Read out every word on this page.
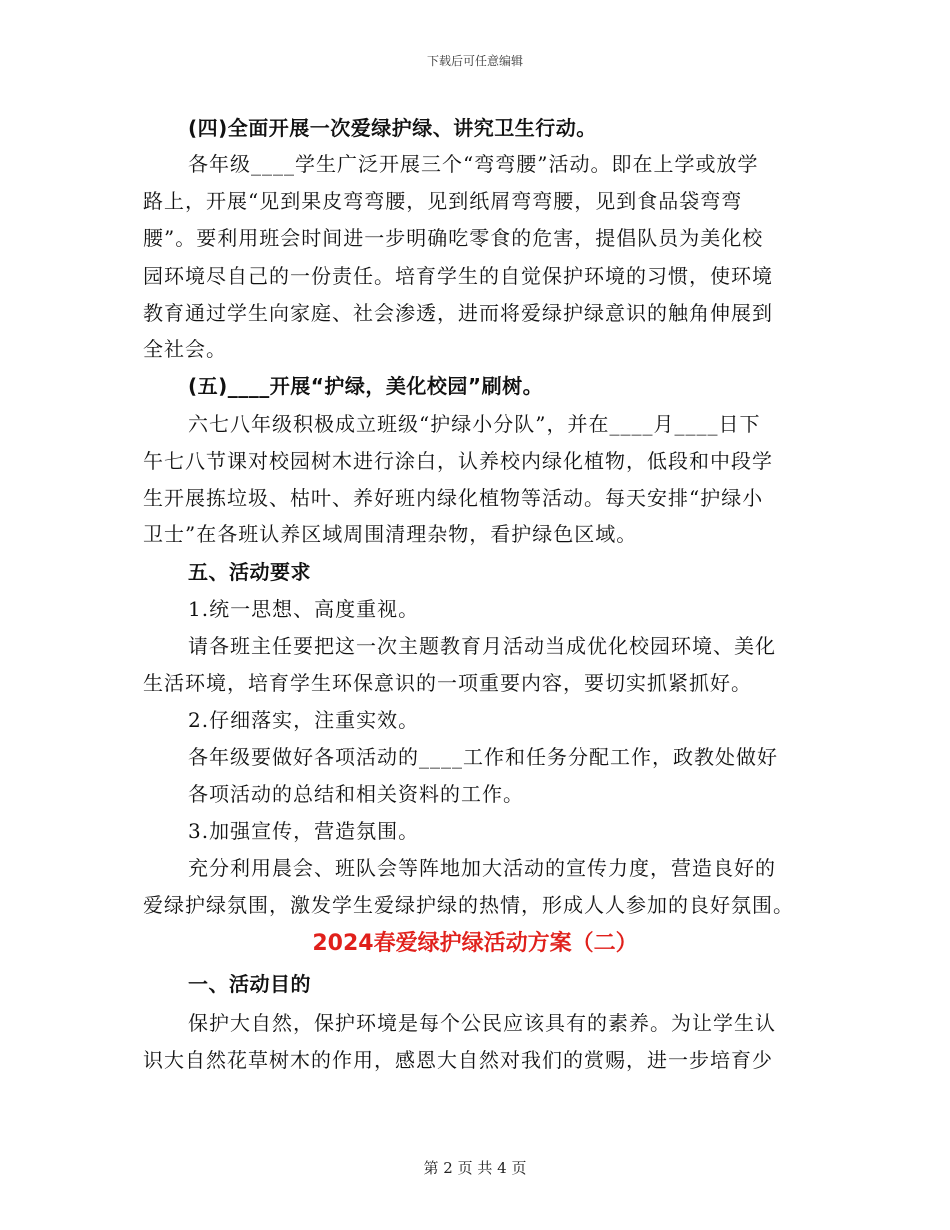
下载后可任意编辑
(四)全面开展一次爱绿护绿、讲究卫生行动。
各年级____学生广泛开展三个“弯弯腰”活动。即在上学或放学
路上，开展“见到果皮弯弯腰，见到纸屑弯弯腰，见到食品袋弯弯
腰”。要利用班会时间进一步明确吃零食的危害，提倡队员为美化校
园环境尽自己的一份责任。培育学生的自觉保护环境的习惯，使环境
教育通过学生向家庭、社会渗透，进而将爱绿护绿意识的触角伸展到
全社会。
(五)____开展“护绿，美化校园”刷树。
六七八年级积极成立班级“护绿小分队”，并在____月____日下
午七八节课对校园树木进行涂白，认养校内绿化植物，低段和中段学
生开展拣垃圾、枯叶、养好班内绿化植物等活动。每天安排“护绿小
卫士”在各班认养区域周围清理杂物，看护绿色区域。
五、活动要求
1.统一思想、高度重视。
请各班主任要把这一次主题教育月活动当成优化校园环境、美化
生活环境，培育学生环保意识的一项重要内容，要切实抓紧抓好。
2.仔细落实，注重实效。
各年级要做好各项活动的____工作和任务分配工作，政教处做好
各项活动的总结和相关资料的工作。
3.加强宣传，营造氛围。
充分利用晨会、班队会等阵地加大活动的宣传力度，营造良好的
爱绿护绿氛围，激发学生爱绿护绿的热情，形成人人参加的良好氛围。
2024春爱绿护绿活动方案（二）
一、活动目的
保护大自然，保护环境是每个公民应该具有的素养。为让学生认
识大自然花草树木的作用，感恩大自然对我们的赏赐，进一步培育少
第 2 页 共 4 页
